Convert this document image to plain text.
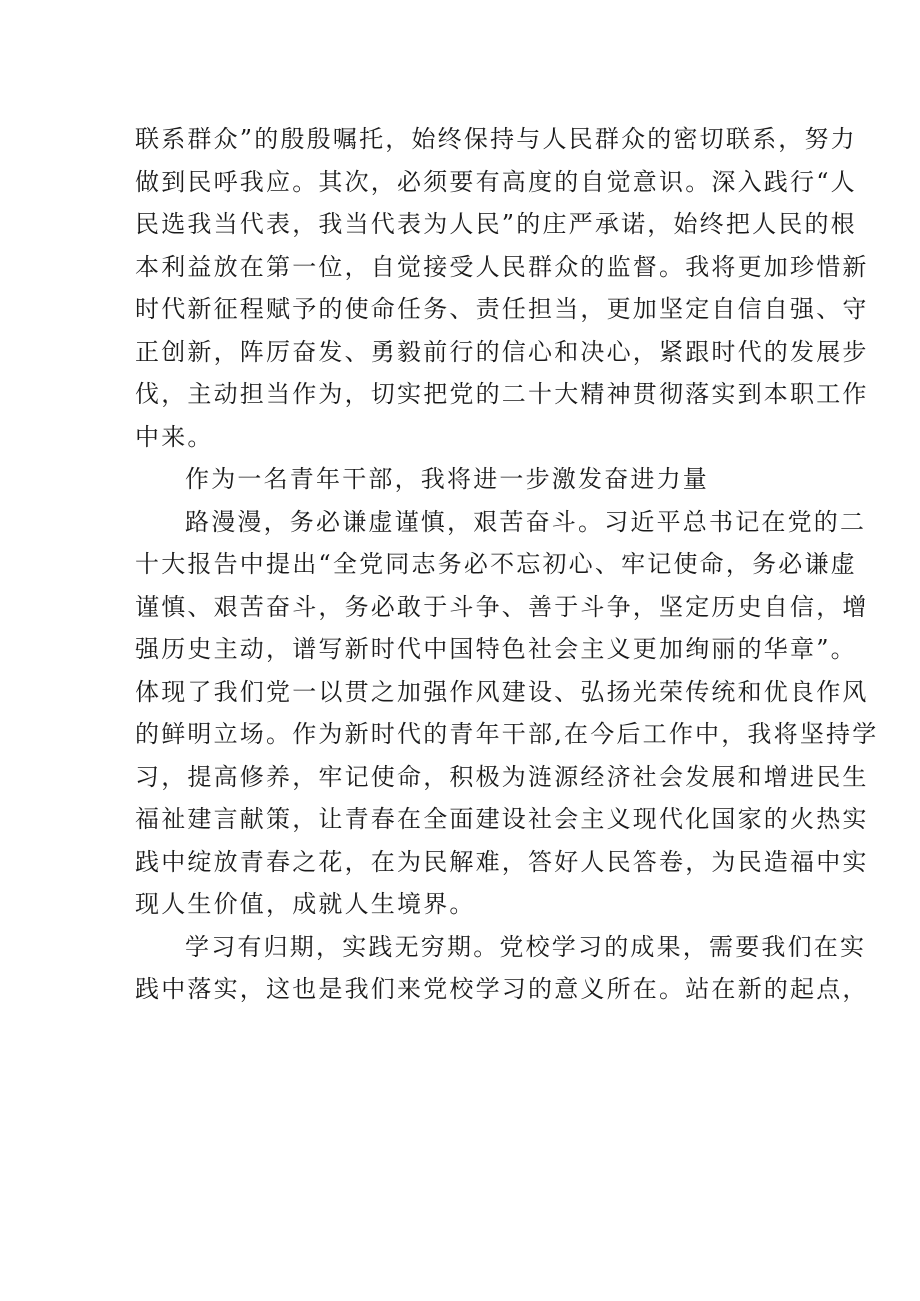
联系群众”的殷殷嘱托，始终保持与人民群众的密切联系，努力
做到民呼我应。其次，必须要有高度的自觉意识。深入践行“人
民选我当代表，我当代表为人民”的庄严承诺，始终把人民的根
本利益放在第一位，自觉接受人民群众的监督。我将更加珍惜新
时代新征程赋予的使命任务、责任担当，更加坚定自信自强、守
正创新，阵厉奋发、勇毅前行的信心和决心，紧跟时代的发展步
伐，主动担当作为，切实把党的二十大精神贯彻落实到本职工作
中来。
作为一名青年干部，我将进一步激发奋进力量
路漫漫，务必谦虚谨慎，艰苦奋斗。习近平总书记在党的二
十大报告中提出“全党同志务必不忘初心、牢记使命，务必谦虚
谨慎、艰苦奋斗，务必敢于斗争、善于斗争，坚定历史自信，增
强历史主动，谱写新时代中国特色社会主义更加绚丽的华章”。
体现了我们党一以贯之加强作风建设、弘扬光荣传统和优良作风
的鲜明立场。作为新时代的青年干部,在今后工作中，我将坚持学
习，提高修养，牢记使命，积极为涟源经济社会发展和增进民生
福祉建言献策，让青春在全面建设社会主义现代化国家的火热实
践中绽放青春之花，在为民解难，答好人民答卷，为民造福中实
现人生价值，成就人生境界。
学习有归期，实践无穷期。党校学习的成果，需要我们在实
践中落实，这也是我们来党校学习的意义所在。站在新的起点，
